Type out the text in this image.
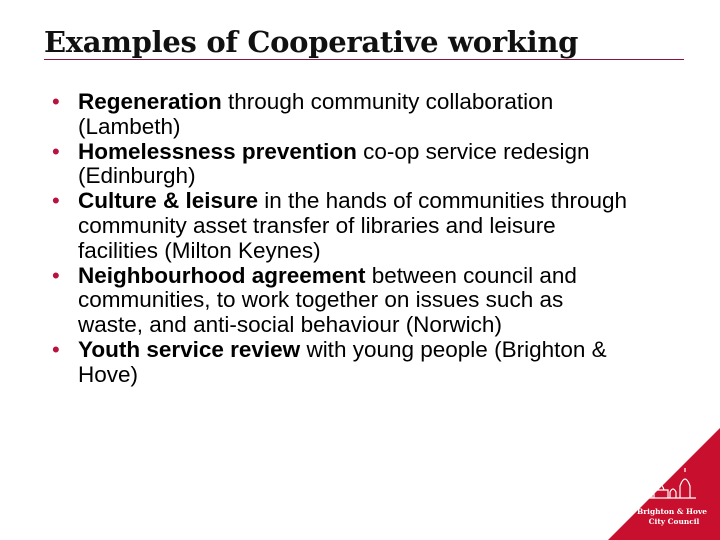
Examples of Cooperative working
• Regeneration through community collaboration (Lambeth)
• Homelessness prevention co-op service redesign (Edinburgh)
• Culture & leisure in the hands of communities through community asset transfer of libraries and leisure facilities (Milton Keynes)
• Neighbourhood agreement between council and communities, to work together on issues such as waste, and anti-social behaviour (Norwich)
• Youth service review with young people (Brighton & Hove)
Brighton & Hove
City Council
